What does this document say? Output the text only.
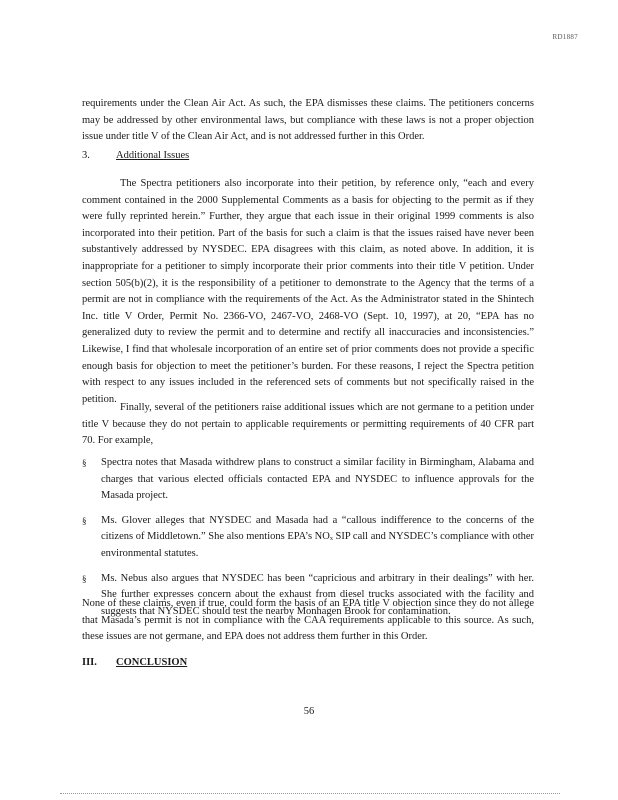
RD1887

requirements under the Clean Air Act. As such, the EPA dismisses these claims. The petitioners concerns may be addressed by other environmental laws, but compliance with these laws is not a proper objection issue under title V of the Clean Air Act, and is not addressed further in this Order.

3. Additional Issues

The Spectra petitioners also incorporate into their petition, by reference only, “each and every comment contained in the 2000 Supplemental Comments as a basis for objecting to the permit as if they were fully reprinted herein.” Further, they argue that each issue in their original 1999 comments is also incorporated into their petition. Part of the basis for such a claim is that the issues raised have never been substantively addressed by NYSDEC. EPA disagrees with this claim, as noted above. In addition, it is inappropriate for a petitioner to simply incorporate their prior comments into their title V petition. Under section 505(b)(2), it is the responsibility of a petitioner to demonstrate to the Agency that the terms of a permit are not in compliance with the requirements of the Act. As the Administrator stated in the Shintech Inc. title V Order, Permit No. 2366-VO, 2467-VO, 2468-VO (Sept. 10, 1997), at 20, “EPA has no generalized duty to review the permit and to determine and rectify all inaccuracies and inconsistencies.” Likewise, I find that wholesale incorporation of an entire set of prior comments does not provide a specific enough basis for objection to meet the petitioner’s burden. For these reasons, I reject the Spectra petition with respect to any issues included in the referenced sets of comments but not specifically raised in the petition.

Finally, several of the petitioners raise additional issues which are not germane to a petition under title V because they do not pertain to applicable requirements or permitting requirements of 40 CFR part 70. For example,

§ Spectra notes that Masada withdrew plans to construct a similar facility in Birmingham, Alabama and charges that various elected officials contacted EPA and NYSDEC to influence approvals for the Masada project.
§ Ms. Glover alleges that NYSDEC and Masada had a “callous indifference to the concerns of the citizens of Middletown.” She also mentions EPA’s NOₓ SIP call and NYSDEC’s compliance with other environmental statutes.
§ Ms. Nebus also argues that NYSDEC has been “capricious and arbitrary in their dealings” with her. She further expresses concern about the exhaust from diesel trucks associated with the facility and suggests that NYSDEC should test the nearby Monhagen Brook for contamination.

None of these claims, even if true, could form the basis of an EPA title V objection since they do not allege that Masada’s permit is not in compliance with the CAA requirements applicable to this source. As such, these issues are not germane, and EPA does not address them further in this Order.

III. CONCLUSION
56
